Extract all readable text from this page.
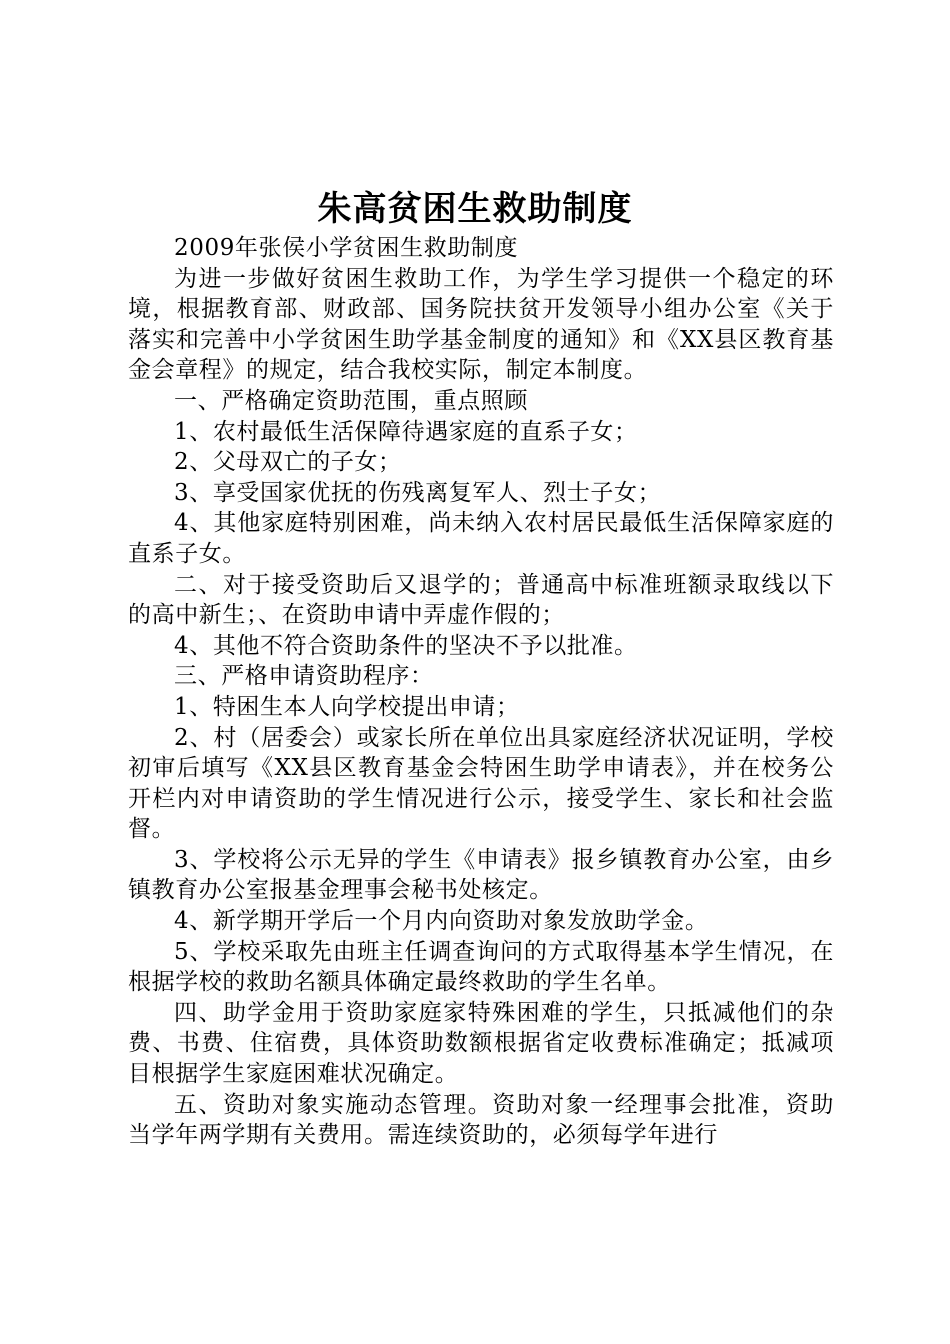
朱高贫困生救助制度

2009年张侯小学贫困生救助制度

为进一步做好贫困生救助工作，为学生学习提供一个稳定的环境，根据教育部、财政部、国务院扶贫开发领导小组办公室《关于落实和完善中小学贫困生助学基金制度的通知》和《XX县区教育基金会章程》的规定，结合我校实际，制定本制度。

一、严格确定资助范围，重点照顾

1、农村最低生活保障待遇家庭的直系子女；

2、父母双亡的子女；

3、享受国家优抚的伤残离复军人、烈士子女；

4、其他家庭特别困难，尚未纳入农村居民最低生活保障家庭的直系子女。

二、对于接受资助后又退学的；普通高中标准班额录取线以下的高中新生；、在资助申请中弄虚作假的；

4、其他不符合资助条件的坚决不予以批准。

三、严格申请资助程序：

1、特困生本人向学校提出申请；

2、村（居委会）或家长所在单位出具家庭经济状况证明，学校初审后填写《XX县区教育基金会特困生助学申请表》，并在校务公开栏内对申请资助的学生情况进行公示，接受学生、家长和社会监督。

3、学校将公示无异的学生《申请表》报乡镇教育办公室，由乡镇教育办公室报基金理事会秘书处核定。

4、新学期开学后一个月内向资助对象发放助学金。

5、学校采取先由班主任调查询问的方式取得基本学生情况，在根据学校的救助名额具体确定最终救助的学生名单。

四、助学金用于资助家庭家特殊困难的学生，只抵减他们的杂费、书费、住宿费，具体资助数额根据省定收费标准确定；抵减项目根据学生家庭困难状况确定。

五、资助对象实施动态管理。资助对象一经理事会批准，资助当学年两学期有关费用。需连续资助的，必须每学年进行
